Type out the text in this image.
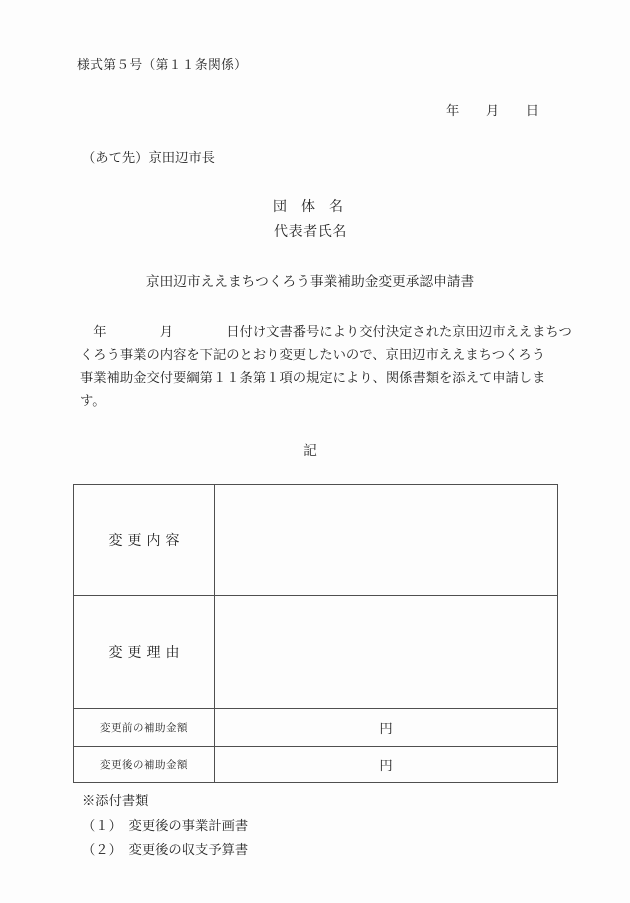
様式第５号（第１１条関係）
年　　月　　日
（あて先）京田辺市長
団　体　名
代表者氏名
京田辺市ええまちつくろう事業補助金変更承認申請書
　年　　　　月　　　　日付け文書番号により交付決定された京田辺市ええまちつ
くろう事業の内容を下記のとおり変更したいので、京田辺市ええまちつくろう
事業補助金交付要綱第１１条第１項の規定により、関係書類を添えて申請しま
す。
記
変更内容	
変更理由	
変更前の補助金額	円
変更後の補助金額	円
※添付書類
（１）　変更後の事業計画書
（２）　変更後の収支予算書
